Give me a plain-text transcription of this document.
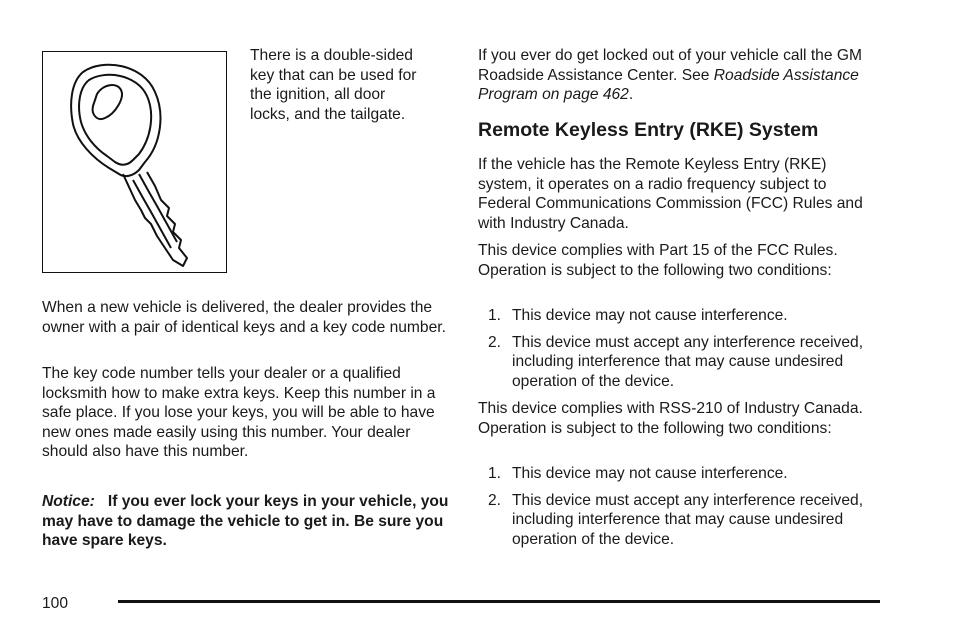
There is a double-sided
key that can be used for
the ignition, all door
locks, and the tailgate.

When a new vehicle is delivered, the dealer provides the owner with a pair of identical keys and a key code number.

The key code number tells your dealer or a qualified locksmith how to make extra keys. Keep this number in a safe place. If you lose your keys, you will be able to have new ones made easily using this number. Your dealer should also have this number.

Notice: If you ever lock your keys in your vehicle, you may have to damage the vehicle to get in. Be sure you have spare keys.

If you ever do get locked out of your vehicle call the GM Roadside Assistance Center. See Roadside Assistance Program on page 462.

Remote Keyless Entry (RKE) System

If the vehicle has the Remote Keyless Entry (RKE) system, it operates on a radio frequency subject to Federal Communications Commission (FCC) Rules and with Industry Canada.

This device complies with Part 15 of the FCC Rules. Operation is subject to the following two conditions:

1. This device may not cause interference.
2. This device must accept any interference received, including interference that may cause undesired operation of the device.

This device complies with RSS-210 of Industry Canada. Operation is subject to the following two conditions:

1. This device may not cause interference.
2. This device must accept any interference received, including interference that may cause undesired operation of the device.
100
